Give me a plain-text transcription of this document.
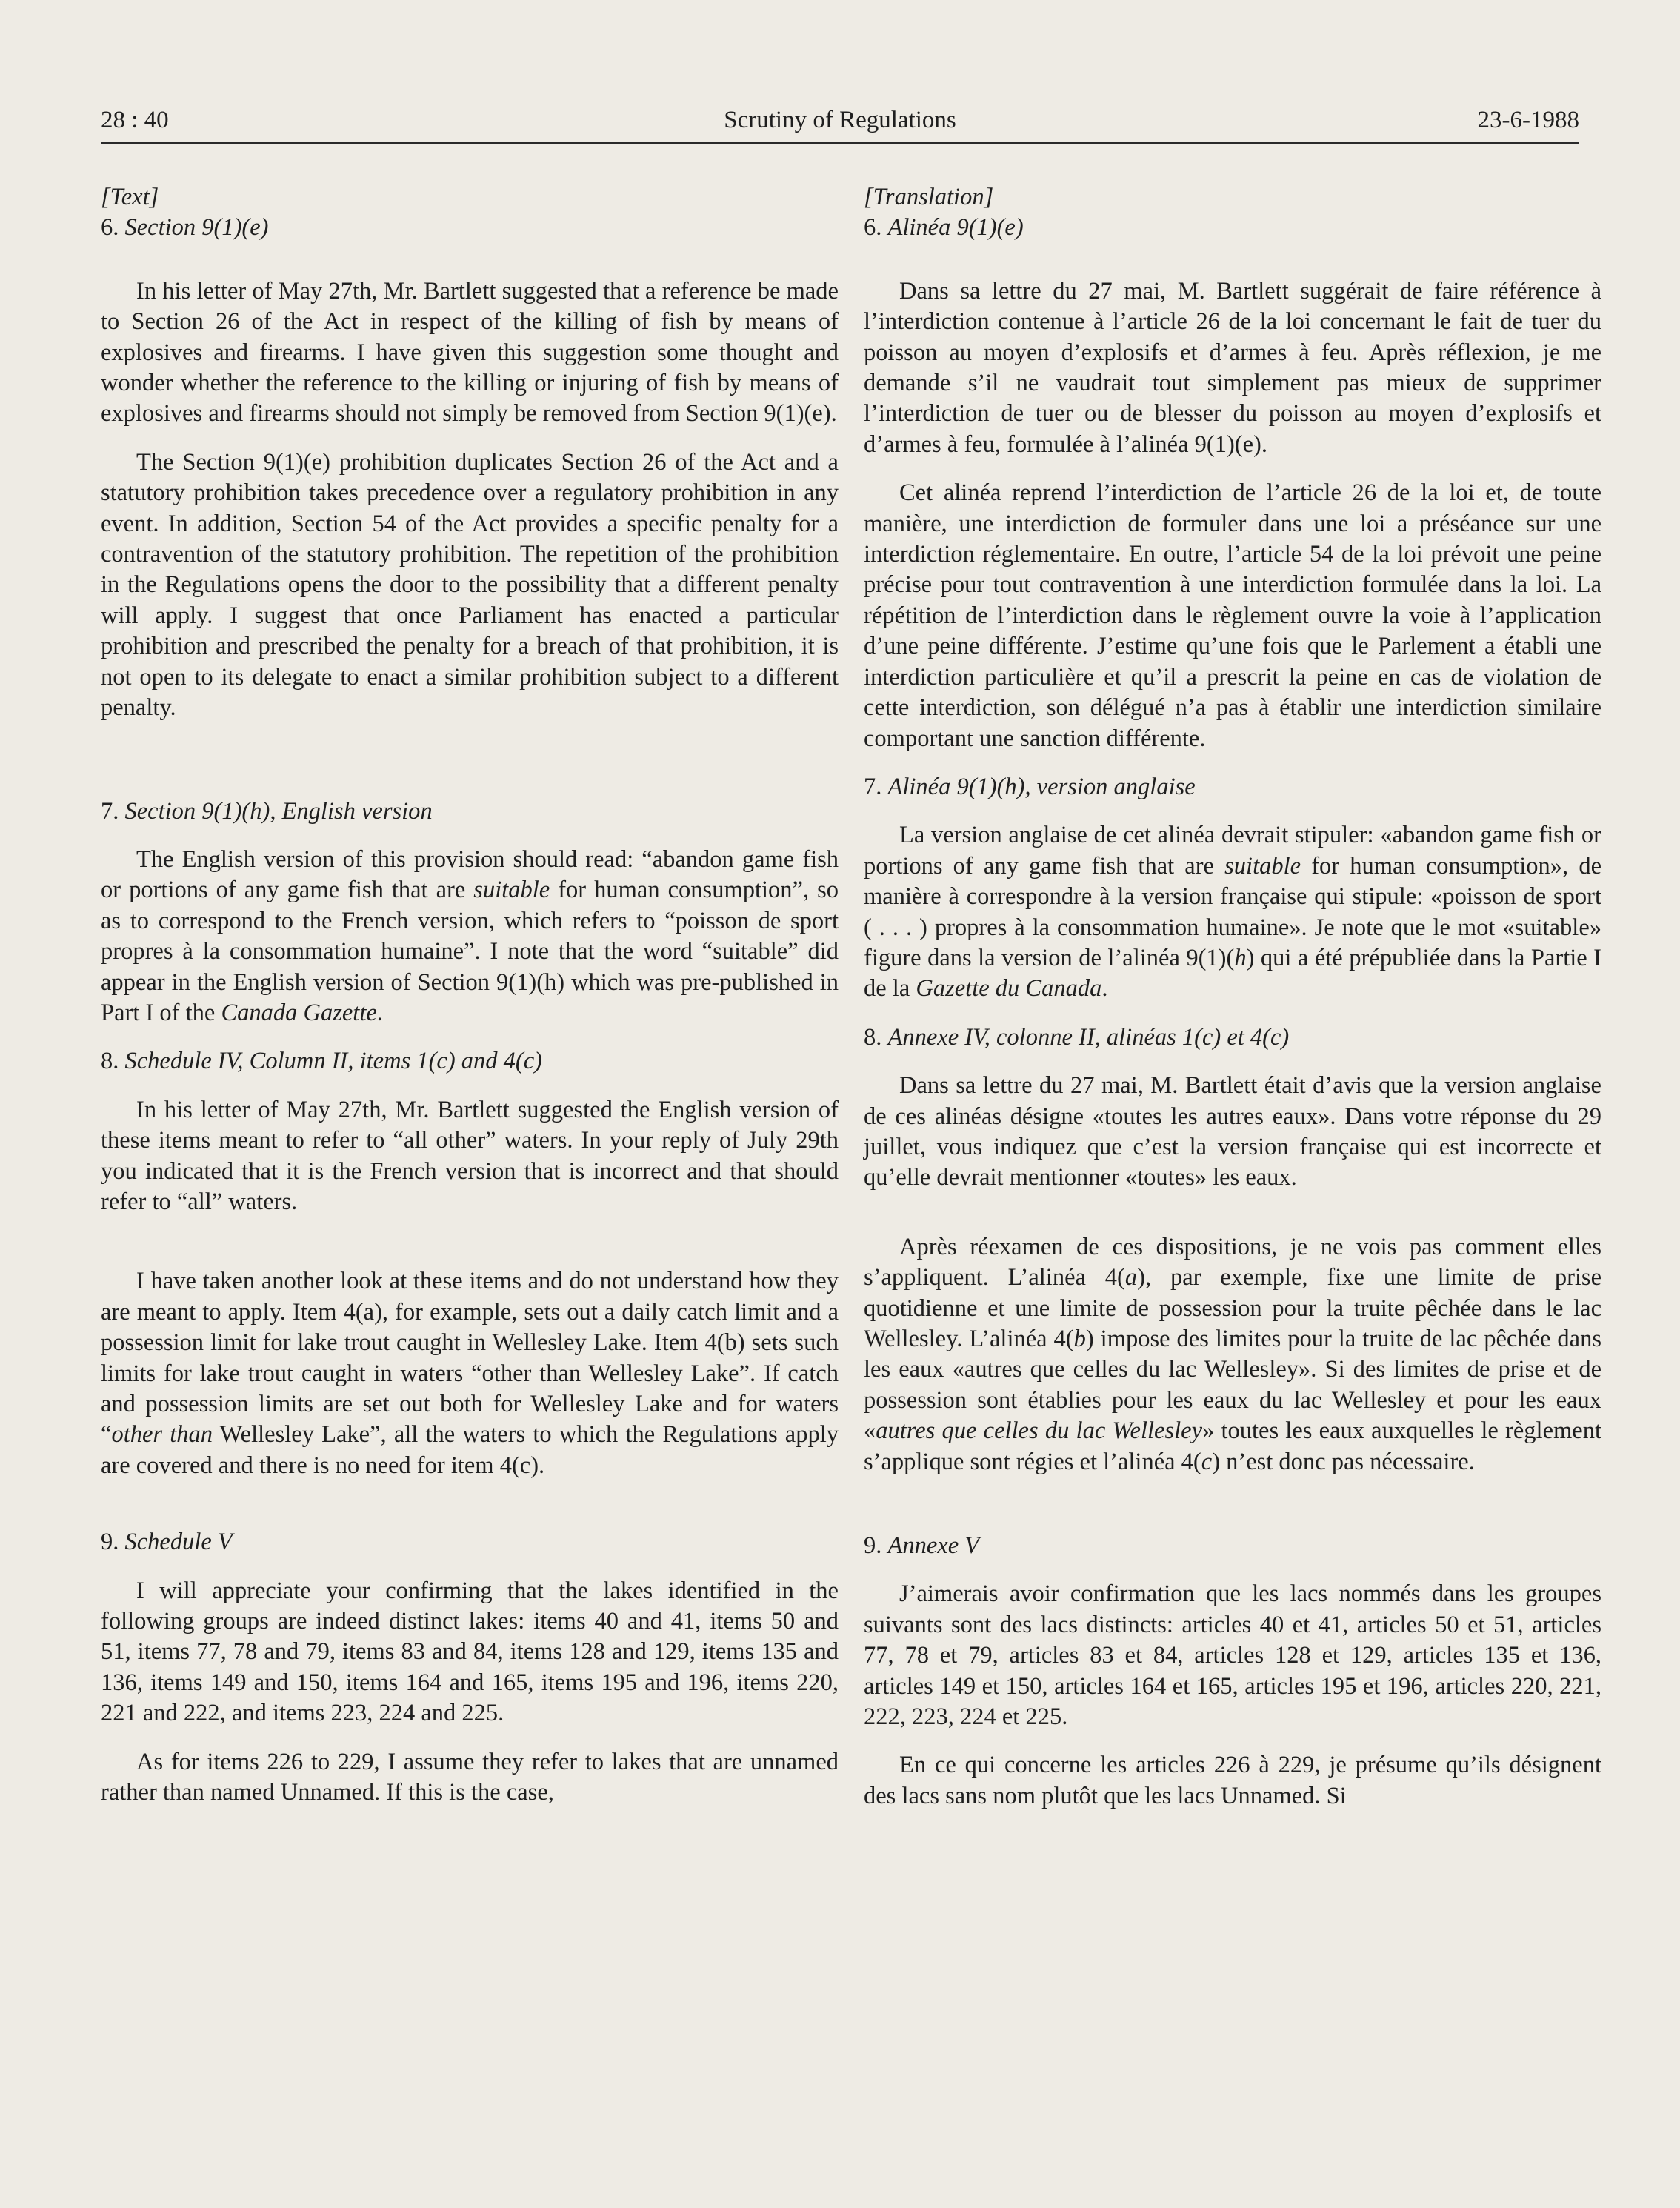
28 : 40	Scrutiny of Regulations	23-6-1988
[Text]
6. Section 9(1)(e)

In his letter of May 27th, Mr. Bartlett suggested that a reference be made to Section 26 of the Act in respect of the killing of fish by means of explosives and firearms. I have given this suggestion some thought and wonder whether the reference to the killing or injuring of fish by means of explosives and firearms should not simply be removed from Section 9(1)(e).

The Section 9(1)(e) prohibition duplicates Section 26 of the Act and a statutory prohibition takes precedence over a regulatory prohibition in any event. In addition, Section 54 of the Act provides a specific penalty for a contravention of the statutory prohibition. The repetition of the prohibition in the Regulations opens the door to the possibility that a different penalty will apply. I suggest that once Parliament has enacted a particular prohibition and prescribed the penalty for a breach of that prohibition, it is not open to its delegate to enact a similar prohibition subject to a different penalty.

7. Section 9(1)(h), English version

The English version of this provision should read: “abandon game fish or portions of any game fish that are suitable for human consumption”, so as to correspond to the French version, which refers to “poisson de sport propres à la consommation humaine”. I note that the word “suitable” did appear in the English version of Section 9(1)(h) which was pre-published in Part I of the Canada Gazette.

8. Schedule IV, Column II, items 1(c) and 4(c)

In his letter of May 27th, Mr. Bartlett suggested the English version of these items meant to refer to “all other” waters. In your reply of July 29th you indicated that it is the French version that is incorrect and that should refer to “all” waters.

I have taken another look at these items and do not understand how they are meant to apply. Item 4(a), for example, sets out a daily catch limit and a possession limit for lake trout caught in Wellesley Lake. Item 4(b) sets such limits for lake trout caught in waters “other than Wellesley Lake”. If catch and possession limits are set out both for Wellesley Lake and for waters “other than Wellesley Lake”, all the waters to which the Regulations apply are covered and there is no need for item 4(c).

9. Schedule V

I will appreciate your confirming that the lakes identified in the following groups are indeed distinct lakes: items 40 and 41, items 50 and 51, items 77, 78 and 79, items 83 and 84, items 128 and 129, items 135 and 136, items 149 and 150, items 164 and 165, items 195 and 196, items 220, 221 and 222, and items 223, 224 and 225.

As for items 226 to 229, I assume they refer to lakes that are unnamed rather than named Unnamed. If this is the case,

[Translation]
6. Alinéa 9(1)(e)

Dans sa lettre du 27 mai, M. Bartlett suggérait de faire référence à l’interdiction contenue à l’article 26 de la loi concernant le fait de tuer du poisson au moyen d’explosifs et d’armes à feu. Après réflexion, je me demande s’il ne vaudrait tout simplement pas mieux de supprimer l’interdiction de tuer ou de blesser du poisson au moyen d’explosifs et d’armes à feu, formulée à l’alinéa 9(1)(e).

Cet alinéa reprend l’interdiction de l’article 26 de la loi et, de toute manière, une interdiction de formuler dans une loi a préséance sur une interdiction réglementaire. En outre, l’article 54 de la loi prévoit une peine précise pour tout contravention à une interdiction formulée dans la loi. La répétition de l’interdiction dans le règlement ouvre la voie à l’application d’une peine différente. J’estime qu’une fois que le Parlement a établi une interdiction particulière et qu’il a prescrit la peine en cas de violation de cette interdiction, son délégué n’a pas à établir une interdiction similaire comportant une sanction différente.

7. Alinéa 9(1)(h), version anglaise

La version anglaise de cet alinéa devrait stipuler: «abandon game fish or portions of any game fish that are suitable for human consumption», de manière à correspondre à la version française qui stipule: «poisson de sport ( . . . ) propres à la consommation humaine». Je note que le mot «suitable» figure dans la version de l’alinéa 9(1)(h) qui a été prépubliée dans la Partie I de la Gazette du Canada.

8. Annexe IV, colonne II, alinéas 1(c) et 4(c)

Dans sa lettre du 27 mai, M. Bartlett était d’avis que la version anglaise de ces alinéas désigne «toutes les autres eaux». Dans votre réponse du 29 juillet, vous indiquez que c’est la version française qui est incorrecte et qu’elle devrait mentionner «toutes» les eaux.

Après réexamen de ces dispositions, je ne vois pas comment elles s’appliquent. L’alinéa 4(a), par exemple, fixe une limite de prise quotidienne et une limite de possession pour la truite pêchée dans le lac Wellesley. L’alinéa 4(b) impose des limites pour la truite de lac pêchée dans les eaux «autres que celles du lac Wellesley». Si des limites de prise et de possession sont établies pour les eaux du lac Wellesley et pour les eaux «autres que celles du lac Wellesley» toutes les eaux auxquelles le règlement s’applique sont régies et l’alinéa 4(c) n’est donc pas nécessaire.

9. Annexe V

J’aimerais avoir confirmation que les lacs nommés dans les groupes suivants sont des lacs distincts: articles 40 et 41, articles 50 et 51, articles 77, 78 et 79, articles 83 et 84, articles 128 et 129, articles 135 et 136, articles 149 et 150, articles 164 et 165, articles 195 et 196, articles 220, 221, 222, 223, 224 et 225.

En ce qui concerne les articles 226 à 229, je présume qu’ils désignent des lacs sans nom plutôt que les lacs Unnamed. Si
